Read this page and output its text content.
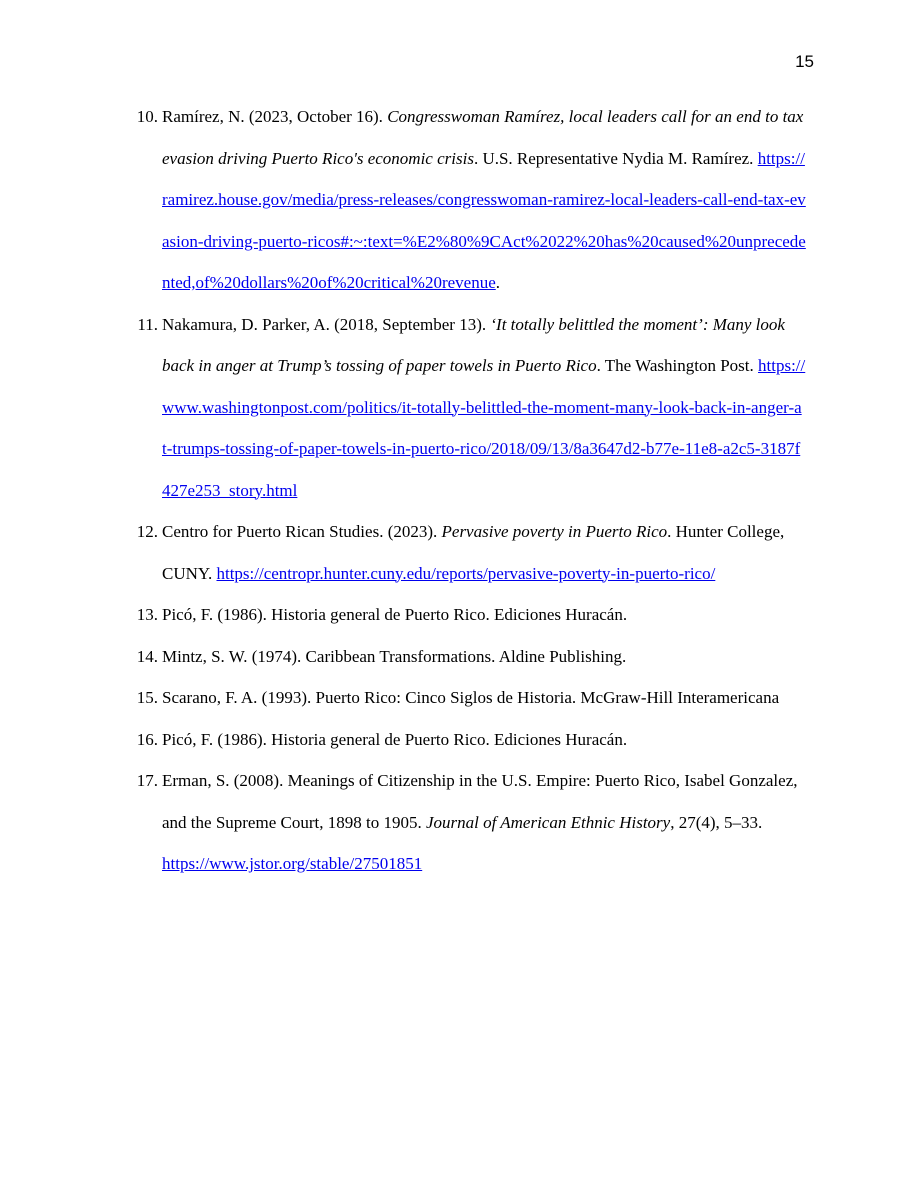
15
10. Ramírez, N. (2023, October 16). Congresswoman Ramírez, local leaders call for an end to tax evasion driving Puerto Rico's economic crisis. U.S. Representative Nydia M. Ramírez. https://ramirez.house.gov/media/press-releases/congresswoman-ramirez-local-leaders-call-end-tax-evasion-driving-puerto-ricos#:~:text=%E2%80%9CAct%2022%20has%20caused%20unprecedented,of%20dollars%20of%20critical%20revenue.
11. Nakamura, D. Parker, A. (2018, September 13). ‘It totally belittled the moment’: Many look back in anger at Trump’s tossing of paper towels in Puerto Rico. The Washington Post. https://www.washingtonpost.com/politics/it-totally-belittled-the-moment-many-look-back-in-anger-at-trumps-tossing-of-paper-towels-in-puerto-rico/2018/09/13/8a3647d2-b77e-11e8-a2c5-3187f427e253_story.html
12. Centro for Puerto Rican Studies. (2023). Pervasive poverty in Puerto Rico. Hunter College, CUNY. https://centropr.hunter.cuny.edu/reports/pervasive-poverty-in-puerto-rico/
13. Picó, F. (1986). Historia general de Puerto Rico. Ediciones Huracán.
14. Mintz, S. W. (1974). Caribbean Transformations. Aldine Publishing.
15. Scarano, F. A. (1993). Puerto Rico: Cinco Siglos de Historia. McGraw-Hill Interamericana
16. Picó, F. (1986). Historia general de Puerto Rico. Ediciones Huracán.
17. Erman, S. (2008). Meanings of Citizenship in the U.S. Empire: Puerto Rico, Isabel Gonzalez, and the Supreme Court, 1898 to 1905. Journal of American Ethnic History, 27(4), 5–33.
https://www.jstor.org/stable/27501851
